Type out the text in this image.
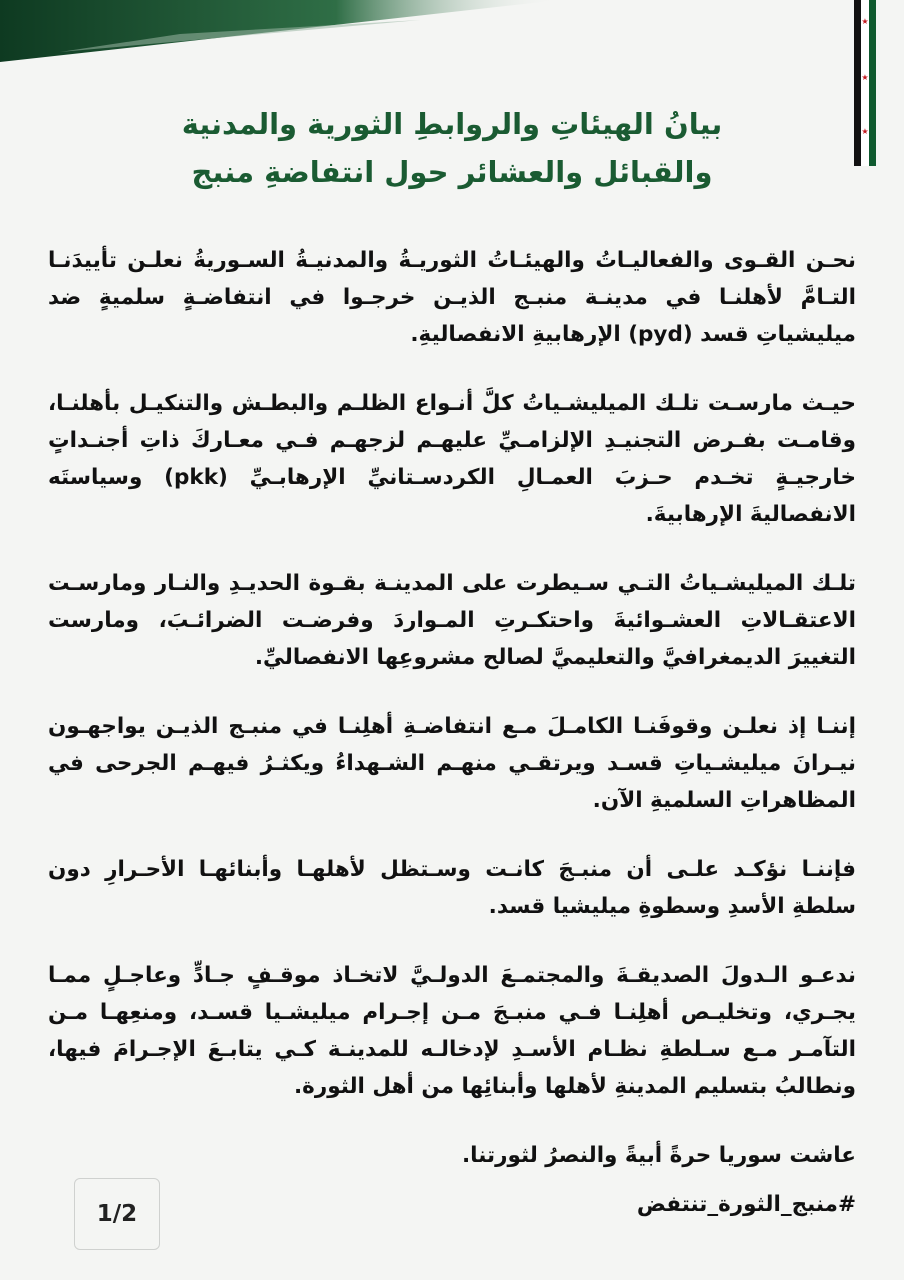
★
★
★
بيانُ الهيئاتِ والروابطِ الثورية والمدنية
والقبائل والعشائر حول انتفاضةِ منبج

نحـن القـوى والفعاليـاتُ والهيئـاتُ الثوريـةُ والمدنيـةُ السـوريةُ نعلـن تأييدَنـا التـامَّ لأهلنـا في مدينـة منبـج الذيـن خرجـوا في انتفاضـةٍ سلميةٍ ضد ميليشياتِ قسد (pyd) الإرهابيةِ الانفصاليةِ.

حيـث مارسـت تلـك الميليشـياتُ كلَّ أنـواع الظلـم والبطـش والتنكيـل بأهلنـا، وقامـت بفـرض التجنيـدِ الإلزامـيِّ عليهـم لزجهـم فـي معـاركَ ذاتِ أجنـداتٍ خارجيـةٍ تخـدم حـزبَ العمـالِ الكردسـتانيِّ الإرهابـيِّ (pkk) وسياستَه الانفصاليةَ الإرهابيةَ.

تلـك الميليشـياتُ التـي سـيطرت على المدينـة بقـوة الحديـدِ والنـار ومارسـت الاعتقـالاتِ العشـوائيةَ واحتكـرتِ المـواردَ وفرضـت الضرائـبَ، ومارست التغييرَ الديمغرافيَّ والتعليميَّ لصالح مشروعِها الانفصاليِّ.

إننـا إذ نعلـن وقوفَنـا الكامـلَ مـع انتفاضـةِ أهلِنـا في منبـج الذيـن يواجهـون نيـرانَ ميليشـياتِ قسـد ويرتقـي منهـم الشـهداءُ ويكثـرُ فيهـم الجرحى في المظاهراتِ السلميةِ الآن.

فإننـا نؤكـد علـى أن منبـجَ كانـت وسـتظل لأهلهـا وأبنائهـا الأحـرارِ دون سلطةِ الأسدِ وسطوةِ ميليشيا قسد.

ندعـو الـدولَ الصديقـةَ والمجتمـعَ الدولـيَّ لاتخـاذ موقـفٍ جـادٍّ وعاجـلٍ ممـا يجـري، وتخليـص أهلِنـا فـي منبـجَ مـن إجـرام ميليشـيا قسـد، ومنعِهـا مـن التآمـر مـع سـلطةِ نظـام الأسـدِ لإدخالـه للمدينـة كـي يتابـعَ الإجـرامَ فيها، ونطالبُ بتسليم المدينةِ لأهلها وأبنائِها من أهل الثورة.

عاشت سوريا حرةً أبيةً والنصرُ لثورتنا.

#منبج_الثورة_تنتفض
1/2
